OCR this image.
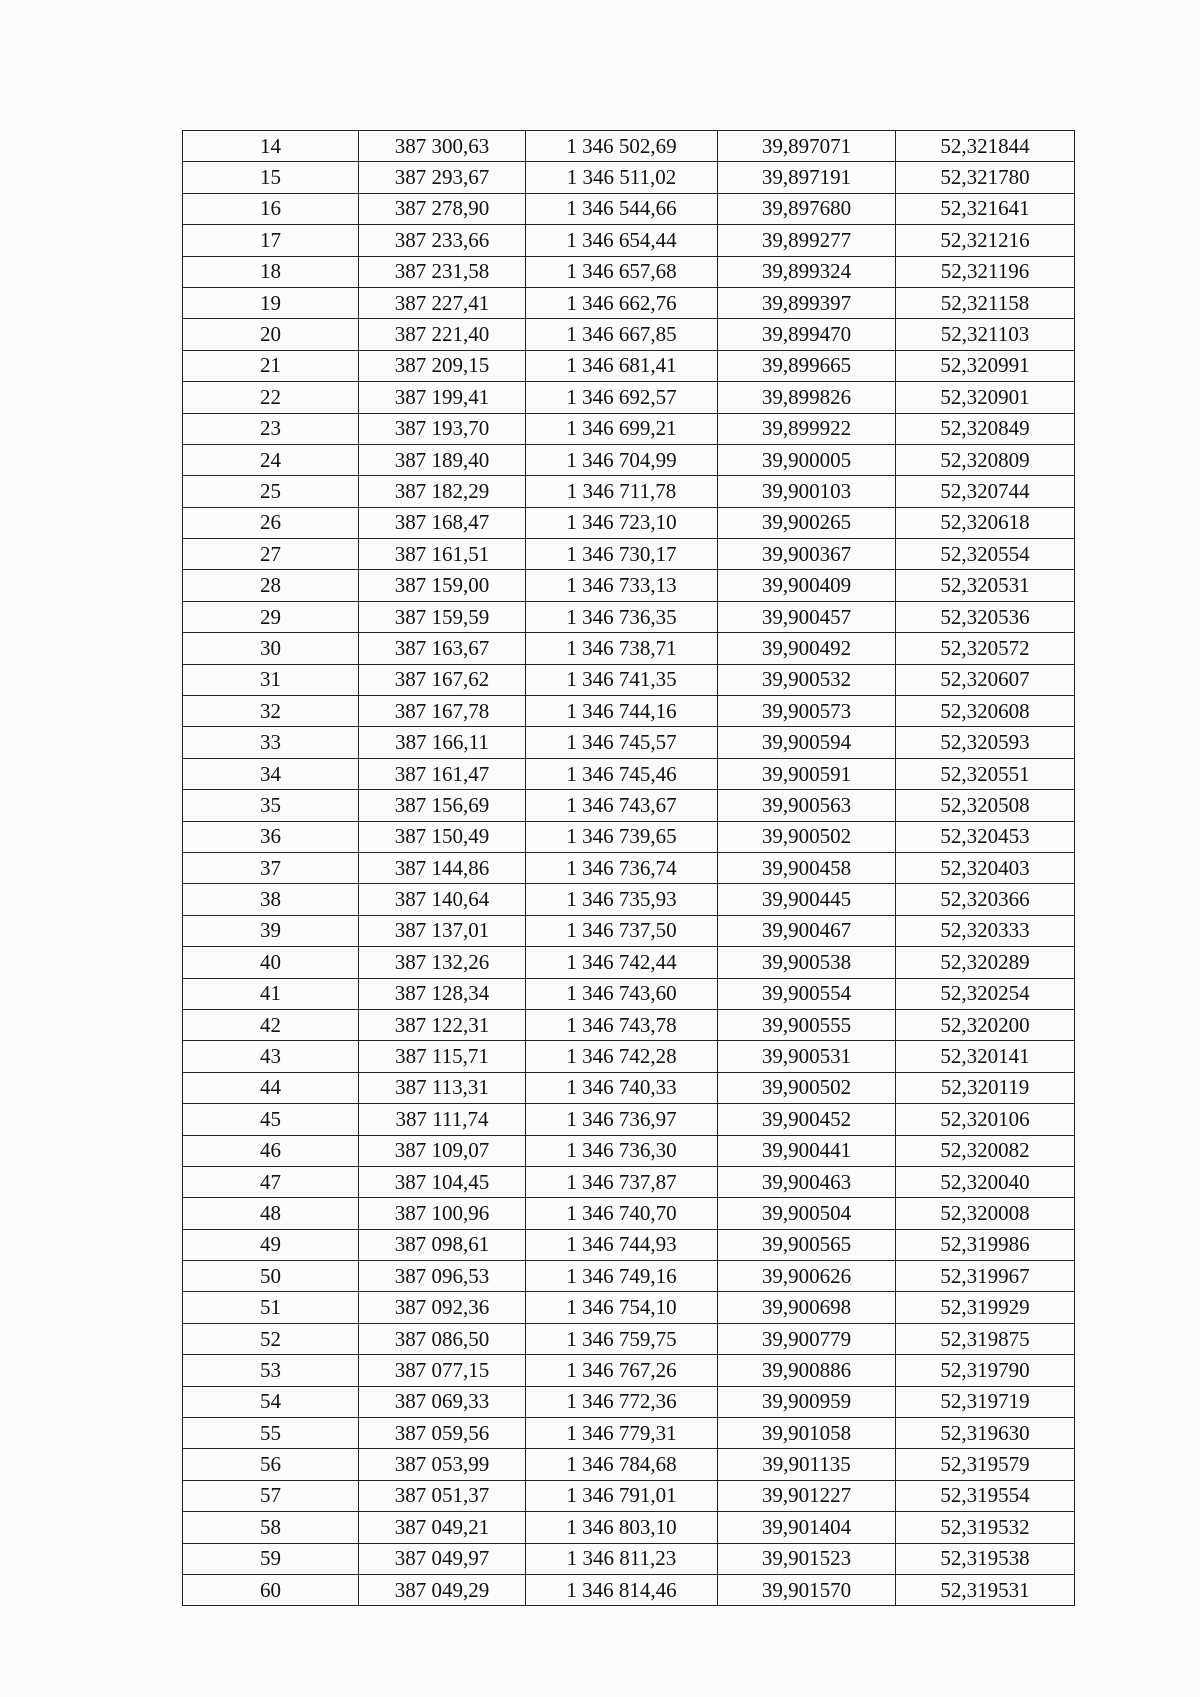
14	387 300,63	1 346 502,69	39,897071	52,321844
15	387 293,67	1 346 511,02	39,897191	52,321780
16	387 278,90	1 346 544,66	39,897680	52,321641
17	387 233,66	1 346 654,44	39,899277	52,321216
18	387 231,58	1 346 657,68	39,899324	52,321196
19	387 227,41	1 346 662,76	39,899397	52,321158
20	387 221,40	1 346 667,85	39,899470	52,321103
21	387 209,15	1 346 681,41	39,899665	52,320991
22	387 199,41	1 346 692,57	39,899826	52,320901
23	387 193,70	1 346 699,21	39,899922	52,320849
24	387 189,40	1 346 704,99	39,900005	52,320809
25	387 182,29	1 346 711,78	39,900103	52,320744
26	387 168,47	1 346 723,10	39,900265	52,320618
27	387 161,51	1 346 730,17	39,900367	52,320554
28	387 159,00	1 346 733,13	39,900409	52,320531
29	387 159,59	1 346 736,35	39,900457	52,320536
30	387 163,67	1 346 738,71	39,900492	52,320572
31	387 167,62	1 346 741,35	39,900532	52,320607
32	387 167,78	1 346 744,16	39,900573	52,320608
33	387 166,11	1 346 745,57	39,900594	52,320593
34	387 161,47	1 346 745,46	39,900591	52,320551
35	387 156,69	1 346 743,67	39,900563	52,320508
36	387 150,49	1 346 739,65	39,900502	52,320453
37	387 144,86	1 346 736,74	39,900458	52,320403
38	387 140,64	1 346 735,93	39,900445	52,320366
39	387 137,01	1 346 737,50	39,900467	52,320333
40	387 132,26	1 346 742,44	39,900538	52,320289
41	387 128,34	1 346 743,60	39,900554	52,320254
42	387 122,31	1 346 743,78	39,900555	52,320200
43	387 115,71	1 346 742,28	39,900531	52,320141
44	387 113,31	1 346 740,33	39,900502	52,320119
45	387 111,74	1 346 736,97	39,900452	52,320106
46	387 109,07	1 346 736,30	39,900441	52,320082
47	387 104,45	1 346 737,87	39,900463	52,320040
48	387 100,96	1 346 740,70	39,900504	52,320008
49	387 098,61	1 346 744,93	39,900565	52,319986
50	387 096,53	1 346 749,16	39,900626	52,319967
51	387 092,36	1 346 754,10	39,900698	52,319929
52	387 086,50	1 346 759,75	39,900779	52,319875
53	387 077,15	1 346 767,26	39,900886	52,319790
54	387 069,33	1 346 772,36	39,900959	52,319719
55	387 059,56	1 346 779,31	39,901058	52,319630
56	387 053,99	1 346 784,68	39,901135	52,319579
57	387 051,37	1 346 791,01	39,901227	52,319554
58	387 049,21	1 346 803,10	39,901404	52,319532
59	387 049,97	1 346 811,23	39,901523	52,319538
60	387 049,29	1 346 814,46	39,901570	52,319531
